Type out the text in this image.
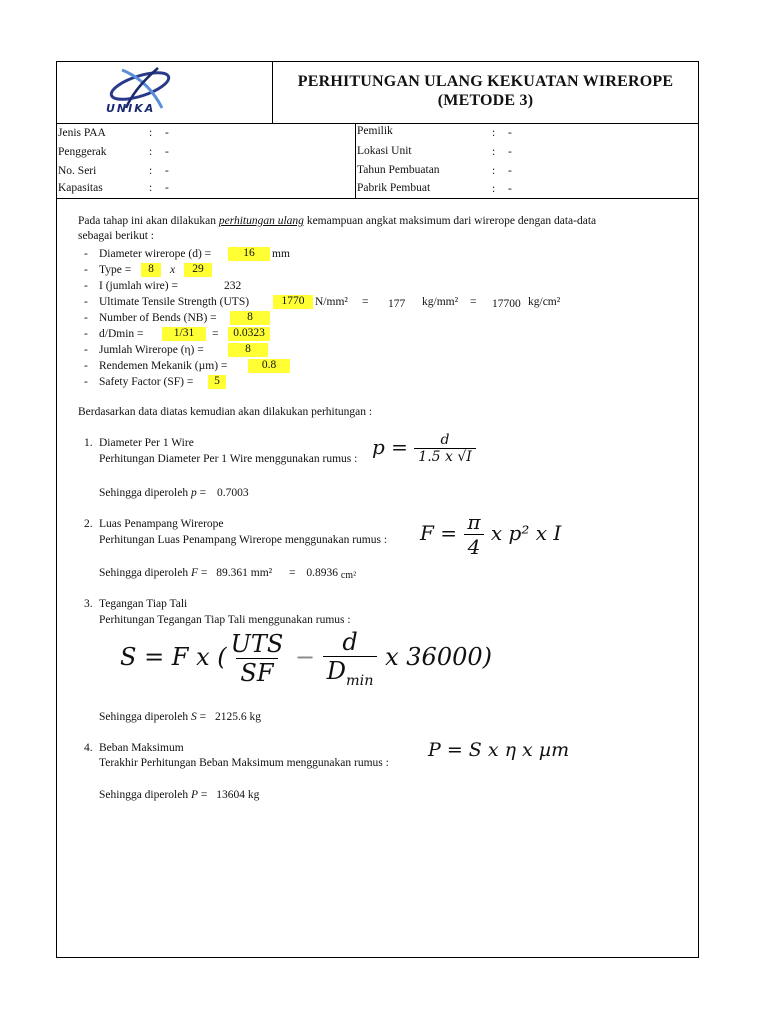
UNIKA
PERHITUNGAN ULANG KEKUATAN WIREROPE
(METODE 3)
Jenis PAA	: -
Penggerak	: -
No. Seri	: -
Kapasitas	: -
Pemilik	: -
Lokasi Unit	: -
Tahun Pembuatan	: -
Pabrik Pembuat	: -
Pada tahap ini akan dilakukan perhitungan ulang kemampuan angkat maksimum dari wirerope dengan data-data
sebagai berikut :
- Diameter wirerope (d) =	16	mm
- Type =	8	x	29
- I (jumlah wire) =	232
- Ultimate Tensile Strength (UTS)	1770 N/mm² = 177 kg/mm² = 17700 kg/cm²
- Number of Bends (NB) =	8
- d/Dmin =	1/31	=	0.0323
- Jumlah Wirerope (η) =	8
- Rendemen Mekanik (µm) =	0.8
- Safety Factor (SF) =	5
Berdasarkan data diatas kemudian akan dilakukan perhitungan :
1. Diameter Per 1 Wire
Perhitungan Diameter Per 1 Wire menggunakan rumus : $p = \frac{d}{1.5 x √I}$
Sehingga diperoleh p = 0.7003
2. Luas Penampang Wirerope
Perhitungan Luas Penampang Wirerope menggunakan rumus : $F = \frac{\pi}{4}$ x p² x I
Sehingga diperoleh F = 89.361 mm² = 0.8936 cm²
3. Tegangan Tiap Tali
Perhitungan Tegangan Tiap Tali menggunakan rumus :
S = F x ( $\frac{\text{UTS}}{SF} - \frac{d}{D_{min}}$ x 36000)
Sehingga diperoleh S = 2125.6 kg
4. Beban Maksimum
Terakhir Perhitungan Beban Maksimum menggunakan rumus :
P = S x η x µm
Sehingga diperoleh P = 13604 kg
